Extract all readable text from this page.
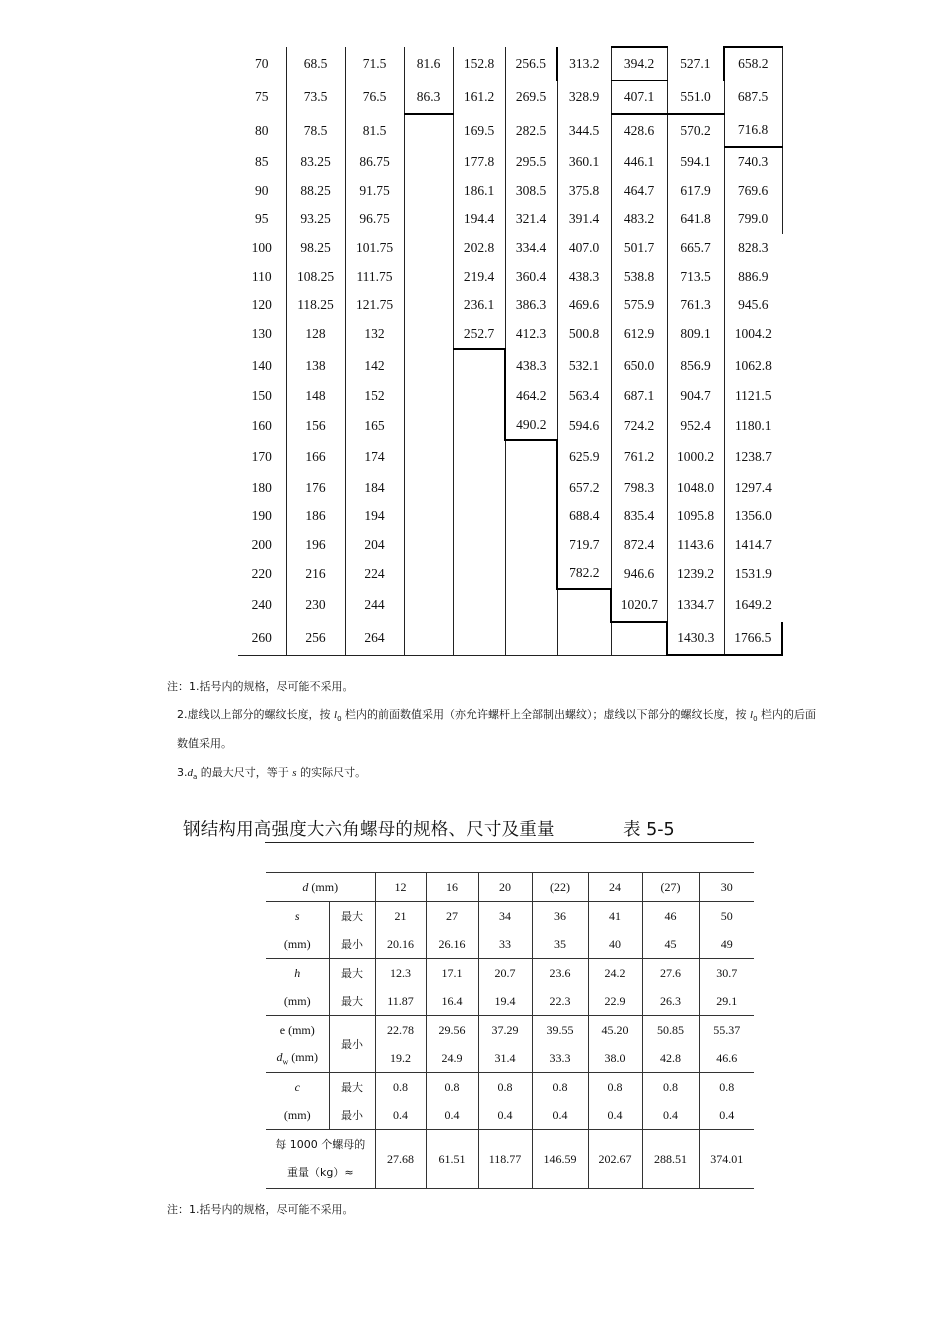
70	68.5	71.5	81.6	152.8	256.5	313.2	394.2	527.1	658.2
75	73.5	76.5	86.3	161.2	269.5	328.9	407.1	551.0	687.5
80	78.5	81.5		169.5	282.5	344.5	428.6	570.2	716.8
85	83.25	86.75		177.8	295.5	360.1	446.1	594.1	740.3
90	88.25	91.75		186.1	308.5	375.8	464.7	617.9	769.6
95	93.25	96.75		194.4	321.4	391.4	483.2	641.8	799.0
100	98.25	101.75		202.8	334.4	407.0	501.7	665.7	828.3
110	108.25	111.75		219.4	360.4	438.3	538.8	713.5	886.9
120	118.25	121.75		236.1	386.3	469.6	575.9	761.3	945.6
130	128	132		252.7	412.3	500.8	612.9	809.1	1004.2
140	138	142			438.3	532.1	650.0	856.9	1062.8
150	148	152			464.2	563.4	687.1	904.7	1121.5
160	156	165			490.2	594.6	724.2	952.4	1180.1
170	166	174				625.9	761.2	1000.2	1238.7
180	176	184				657.2	798.3	1048.0	1297.4
190	186	194				688.4	835.4	1095.8	1356.0
200	196	204				719.7	872.4	1143.6	1414.7
220	216	224				782.2	946.6	1239.2	1531.9
240	230	244					1020.7	1334.7	1649.2
260	256	264						1430.3	1766.5
注：1.括号内的规格，尽可能不采用。
2.虚线以上部分的螺纹长度，按 $l_0$ 栏内的前面数值采用（亦允许螺杆上全部制出螺纹）；虚线以下部分的螺纹长度，按 $l_0$ 栏内的后面
数值采用。
$3.d_a$ 的最大尺寸，等于 s 的实际尺寸。
钢结构用高强度大六角螺母的规格、尺寸及重量	表 5-5
d (mm)		12	16	20	(22)	24	(27)	30
s	最大	21	27	34	36	41	46	50
(mm)	最小	20.16	26.16	33	35	40	45	49
h	最大	12.3	17.1	20.7	23.6	24.2	27.6	30.7
(mm)	最大	11.87	16.4	19.4	22.3	22.9	26.3	29.1
e (mm)	最小	22.78	29.56	37.29	39.55	45.20	50.85	55.37
$d_w$ (mm)		19.2	24.9	31.4	33.3	38.0	42.8	46.6
c	最大	0.8	0.8	0.8	0.8	0.8	0.8	0.8
(mm)	最小	0.4	0.4	0.4	0.4	0.4	0.4	0.4
每 1000 个螺母的
重量（kg）≈		27.68	61.51	118.77	146.59	202.67	288.51	374.01
注：1.括号内的规格，尽可能不采用。
